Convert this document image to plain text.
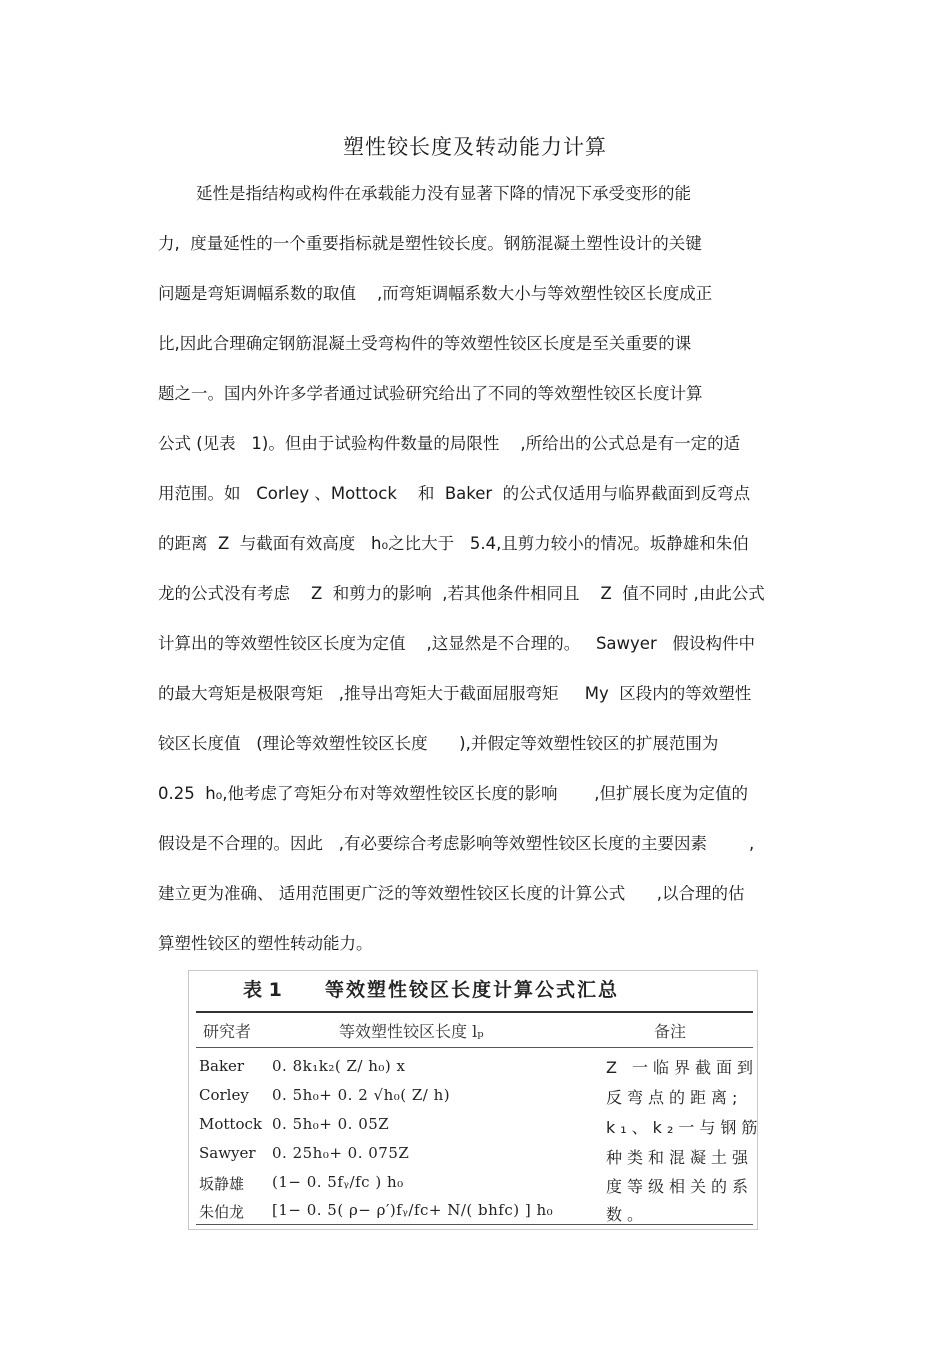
塑性铰长度及转动能力计算
延性是指结构或构件在承载能力没有显著下降的情况下承受变形的能
力,  度量延性的一个重要指标就是塑性铰长度。钢筋混凝土塑性设计的关键
问题是弯矩调幅系数的取值    ,而弯矩调幅系数大小与等效塑性铰区长度成正
比,因此合理确定钢筋混凝土受弯构件的等效塑性铰区长度是至关重要的课
题之一。国内外许多学者通过试验研究给出了不同的等效塑性铰区长度计算
公式 (见表   1)。但由于试验构件数量的局限性    ,所给出的公式总是有一定的适
用范围。如   Corley 、Mottock    和  Baker  的公式仅适用与临界截面到反弯点
的距离  Z  与截面有效高度   h₀之比大于   5.4,且剪力较小的情况。坂静雄和朱伯
龙的公式没有考虑    Z  和剪力的影响  ,若其他条件相同且    Z  值不同时 ,由此公式
计算出的等效塑性铰区长度为定值    ,这显然是不合理的。   Sawyer   假设构件中
的最大弯矩是极限弯矩   ,推导出弯矩大于截面屈服弯矩     My  区段内的等效塑性
铰区长度值   (理论等效塑性铰区长度      ),并假定等效塑性铰区的扩展范围为
0.25  h₀,他考虑了弯矩分布对等效塑性铰区长度的影响       ,但扩展长度为定值的
假设是不合理的。因此   ,有必要综合考虑影响等效塑性铰区长度的主要因素        ,
建立更为准确、 适用范围更广泛的等效塑性铰区长度的计算公式      ,以合理的估
算塑性铰区的塑性转动能力。
表 1 等效塑性铰区长度计算公式汇总
研究者	等效塑性铰区长度 lₚ	备注
Baker 0. 8k₁k₂( Z/ h₀) x
Corley 0. 5h₀+ 0. 2 √h₀( Z/ h)
Mottock 0. 5h₀+ 0. 05Z
Sawyer 0. 25h₀+ 0. 075Z
坂静雄 (1− 0. 5fᵧ/fc ) h₀
朱伯龙 [1− 0. 5( ρ− ρ′)fᵧ/fc+ N/( bhfc) ] h₀
Z 一临界截面到
反弯点的距离;
k₁、k₂一与钢筋
种类和混凝土强
度等级相关的系
数。
